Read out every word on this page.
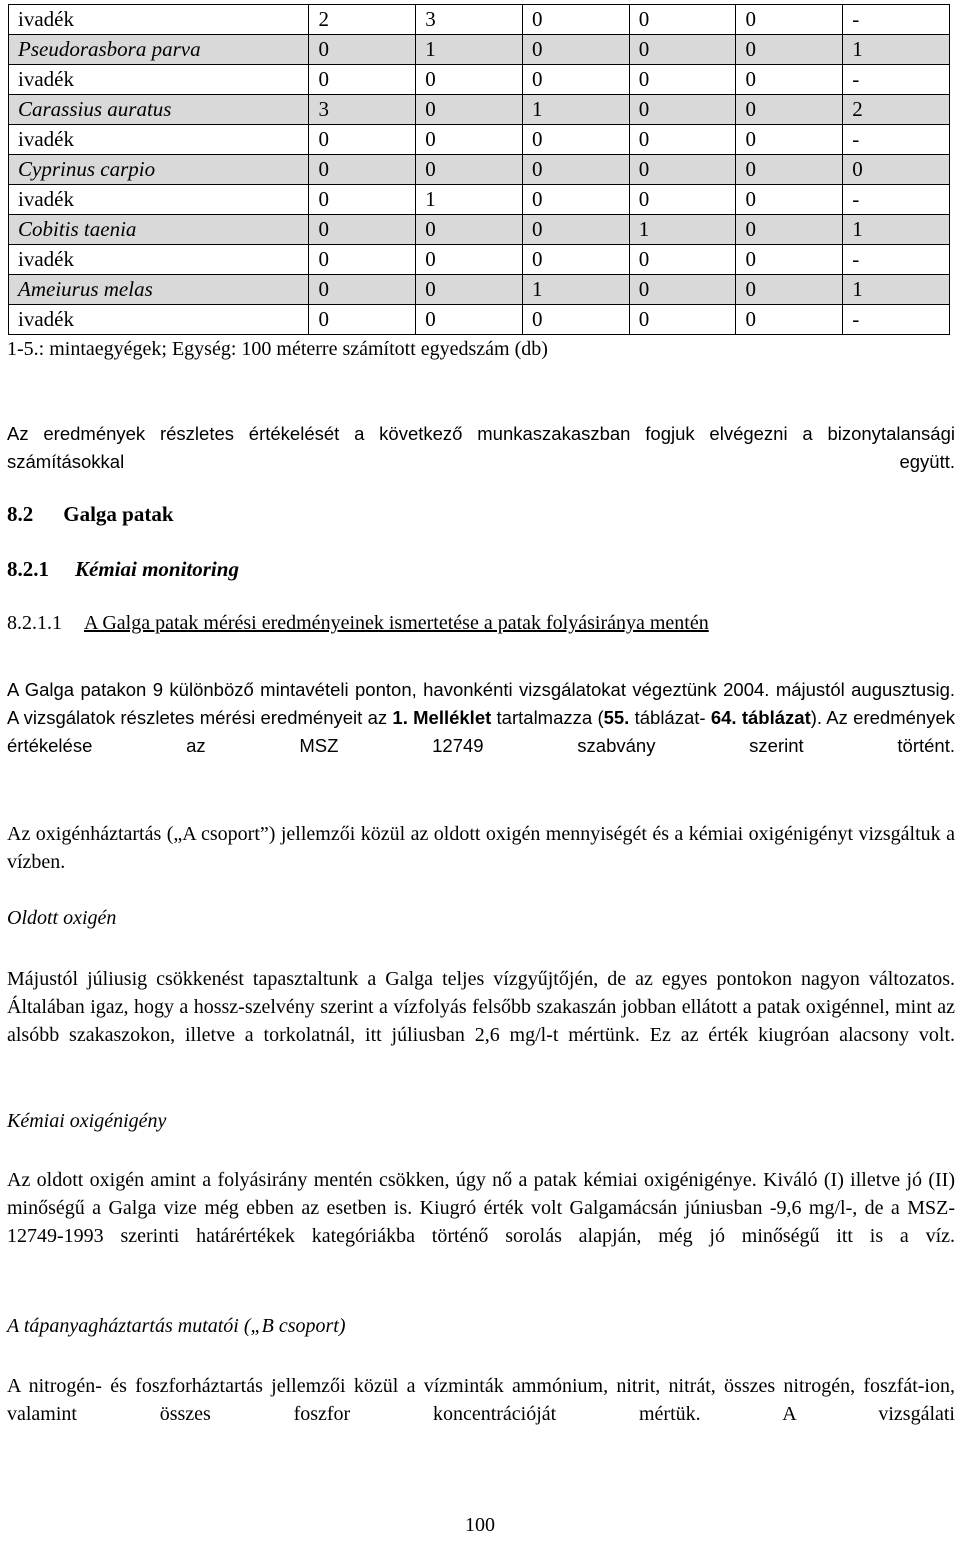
ivadék	2	3	0	0	0	-
Pseudorasbora parva	0	1	0	0	0	1
ivadék	0	0	0	0	0	-
Carassius auratus	3	0	1	0	0	2
ivadék	0	0	0	0	0	-
Cyprinus carpio	0	0	0	0	0	0
ivadék	0	1	0	0	0	-
Cobitis taenia	0	0	0	1	0	1
ivadék	0	0	0	0	0	-
Ameiurus melas	0	0	1	0	0	1
ivadék	0	0	0	0	0	-
1-5.: mintaegyégek; Egység: 100 méterre számított egyedszám (db)

Az eredmények részletes értékelését a következő munkaszakaszban fogjuk elvégezni a bizonytalansági számításokkal együtt.

8.2 Galga patak
8.2.1 Kémiai monitoring
8.2.1.1 A Galga patak mérési eredményeinek ismertetése a patak folyásiránya mentén

A Galga patakon 9 különböző mintavételi ponton, havonkénti vizsgálatokat végeztünk 2004. májustól augusztusig. A vizsgálatok részletes mérési eredményeit az 1. Melléklet tartalmazza (55. táblázat- 64. táblázat). Az eredmények értékelése az MSZ 12749 szabvány szerint történt.

Az oxigénháztartás („A csoport”) jellemzői közül az oldott oxigén mennyiségét és a kémiai oxigénigényt vizsgáltuk a vízben.

Oldott oxigén

Májustól júliusig csökkenést tapasztaltunk a Galga teljes vízgyűjtőjén, de az egyes pontokon nagyon változatos. Általában igaz, hogy a hossz-szelvény szerint a vízfolyás felsőbb szakaszán jobban ellátott a patak oxigénnel, mint az alsóbb szakaszokon, illetve a torkolatnál, itt júliusban 2,6 mg/l-t mértünk. Ez az érték kiugróan alacsony volt.

Kémiai oxigénigény

Az oldott oxigén amint a folyásirány mentén csökken, úgy nő a patak kémiai oxigénigénye. Kiváló (I) illetve jó (II) minőségű a Galga vize még ebben az esetben is. Kiugró érték volt Galgamácsán júniusban -9,6 mg/l-, de a MSZ-12749-1993 szerinti határértékek kategóriákba történő sorolás alapján, még jó minőségű itt is a víz.

A tápanyagháztartás mutatói („B csoport)

A nitrogén- és foszforháztartás jellemzői közül a vízminták ammónium, nitrit, nitrát, összes nitrogén, foszfát-ion, valamint összes foszfor koncentrációját mértük. A vizsgálati

100
